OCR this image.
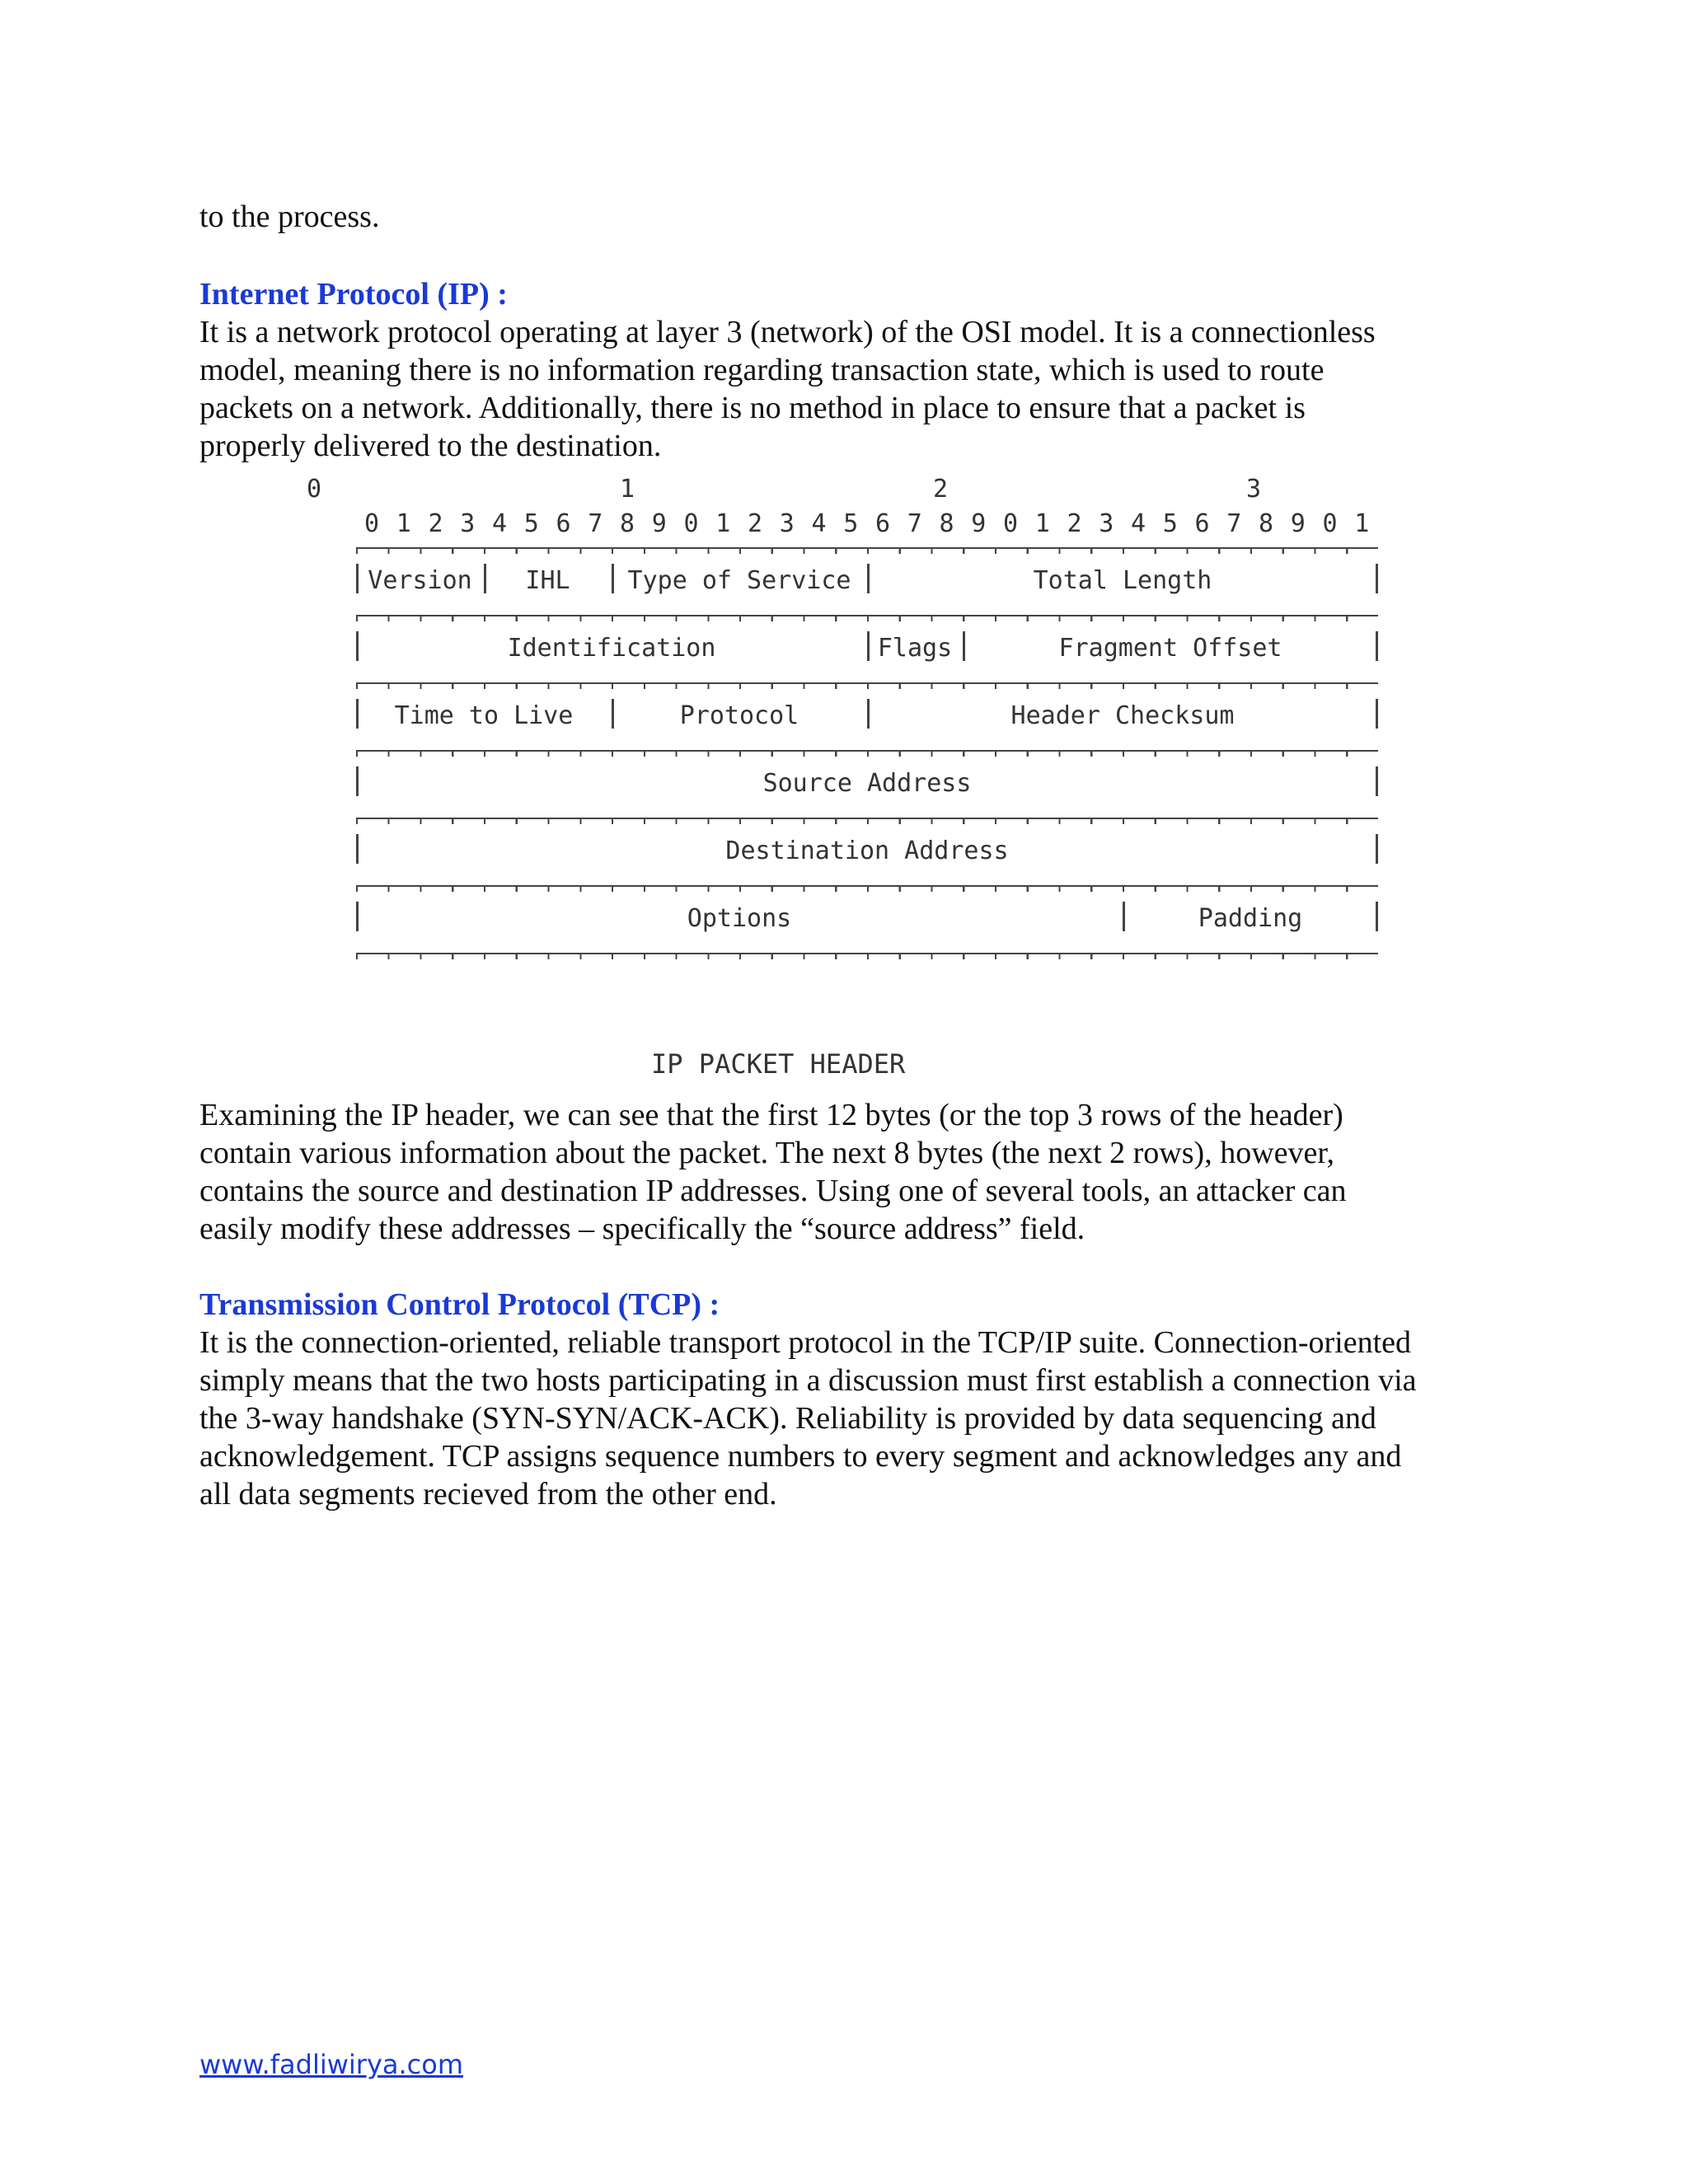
to the process.

Internet Protocol (IP) :

It is a network protocol operating at layer 3 (network) of the OSI model. It is a connectionless
model, meaning there is no information regarding transaction state, which is used to route
packets on a network. Additionally, there is no method in place to ensure that a packet is
properly delivered to the destination.

0	1	2	3
0 1 2 3 4 5 6 7 8 9 0 1 2 3 4 5 6 7 8 9 0 1 2 3 4 5 6 7 8 9 0 1
Version	IHL	Type of Service	Total Length
Identification	Flags	Fragment Offset
Time to Live	Protocol	Header Checksum
Source Address
Destination Address
Options	Padding
IP PACKET HEADER

Examining the IP header, we can see that the first 12 bytes (or the top 3 rows of the header)
contain various information about the packet. The next 8 bytes (the next 2 rows), however,
contains the source and destination IP addresses. Using one of several tools, an attacker can
easily modify these addresses – specifically the “source address” field.

Transmission Control Protocol (TCP) :

It is the connection-oriented, reliable transport protocol in the TCP/IP suite. Connection-oriented
simply means that the two hosts participating in a discussion must first establish a connection via
the 3-way handshake (SYN-SYN/ACK-ACK). Reliability is provided by data sequencing and
acknowledgement. TCP assigns sequence numbers to every segment and acknowledges any and
all data segments recieved from the other end.

www.fadliwirya.com
